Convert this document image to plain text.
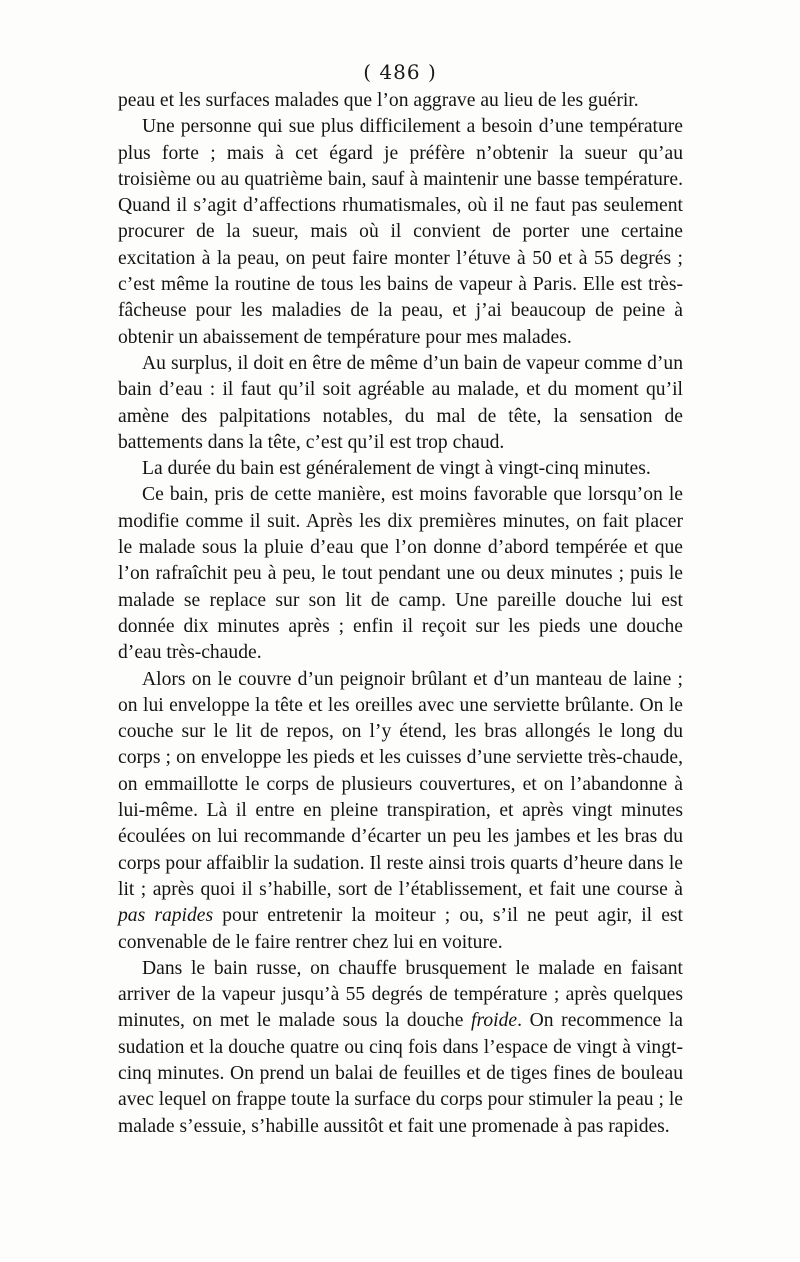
( 486 )

peau et les surfaces malades que l’on aggrave au lieu de les guérir.

Une personne qui sue plus difficilement a besoin d’une température plus forte ; mais à cet égard je préfère n’obtenir la sueur qu’au troisième ou au quatrième bain, sauf à maintenir une basse température. Quand il s’agit d’affections rhumatismales, où il ne faut pas seulement procurer de la sueur, mais où il convient de porter une certaine excitation à la peau, on peut faire monter l’étuve à 50 et à 55 degrés ; c’est même la routine de tous les bains de vapeur à Paris. Elle est très-fâcheuse pour les maladies de la peau, et j’ai beaucoup de peine à obtenir un abaissement de température pour mes malades.

Au surplus, il doit en être de même d’un bain de vapeur comme d’un bain d’eau : il faut qu’il soit agréable au malade, et du moment qu’il amène des palpitations notables, du mal de tête, la sensation de battements dans la tête, c’est qu’il est trop chaud.

La durée du bain est généralement de vingt à vingt-cinq minutes.

Ce bain, pris de cette manière, est moins favorable que lorsqu’on le modifie comme il suit. Après les dix premières minutes, on fait placer le malade sous la pluie d’eau que l’on donne d’abord tempérée et que l’on rafraîchit peu à peu, le tout pendant une ou deux minutes ; puis le malade se replace sur son lit de camp. Une pareille douche lui est donnée dix minutes après ; enfin il reçoit sur les pieds une douche d’eau très-chaude.

Alors on le couvre d’un peignoir brûlant et d’un manteau de laine ; on lui enveloppe la tête et les oreilles avec une serviette brûlante. On le couche sur le lit de repos, on l’y étend, les bras allongés le long du corps ; on enveloppe les pieds et les cuisses d’une serviette très-chaude, on emmaillotte le corps de plusieurs couvertures, et on l’abandonne à lui-même. Là il entre en pleine transpiration, et après vingt minutes écoulées on lui recommande d’écarter un peu les jambes et les bras du corps pour affaiblir la sudation. Il reste ainsi trois quarts d’heure dans le lit ; après quoi il s’habille, sort de l’établissement, et fait une course à pas rapides pour entretenir la moiteur ; ou, s’il ne peut agir, il est convenable de le faire rentrer chez lui en voiture.

Dans le bain russe, on chauffe brusquement le malade en faisant arriver de la vapeur jusqu’à 55 degrés de température ; après quelques minutes, on met le malade sous la douche froide. On recommence la sudation et la douche quatre ou cinq fois dans l’espace de vingt à vingt-cinq minutes. On prend un balai de feuilles et de tiges fines de bouleau avec lequel on frappe toute la surface du corps pour stimuler la peau ; le malade s’essuie, s’habille aussitôt et fait une promenade à pas rapides.
